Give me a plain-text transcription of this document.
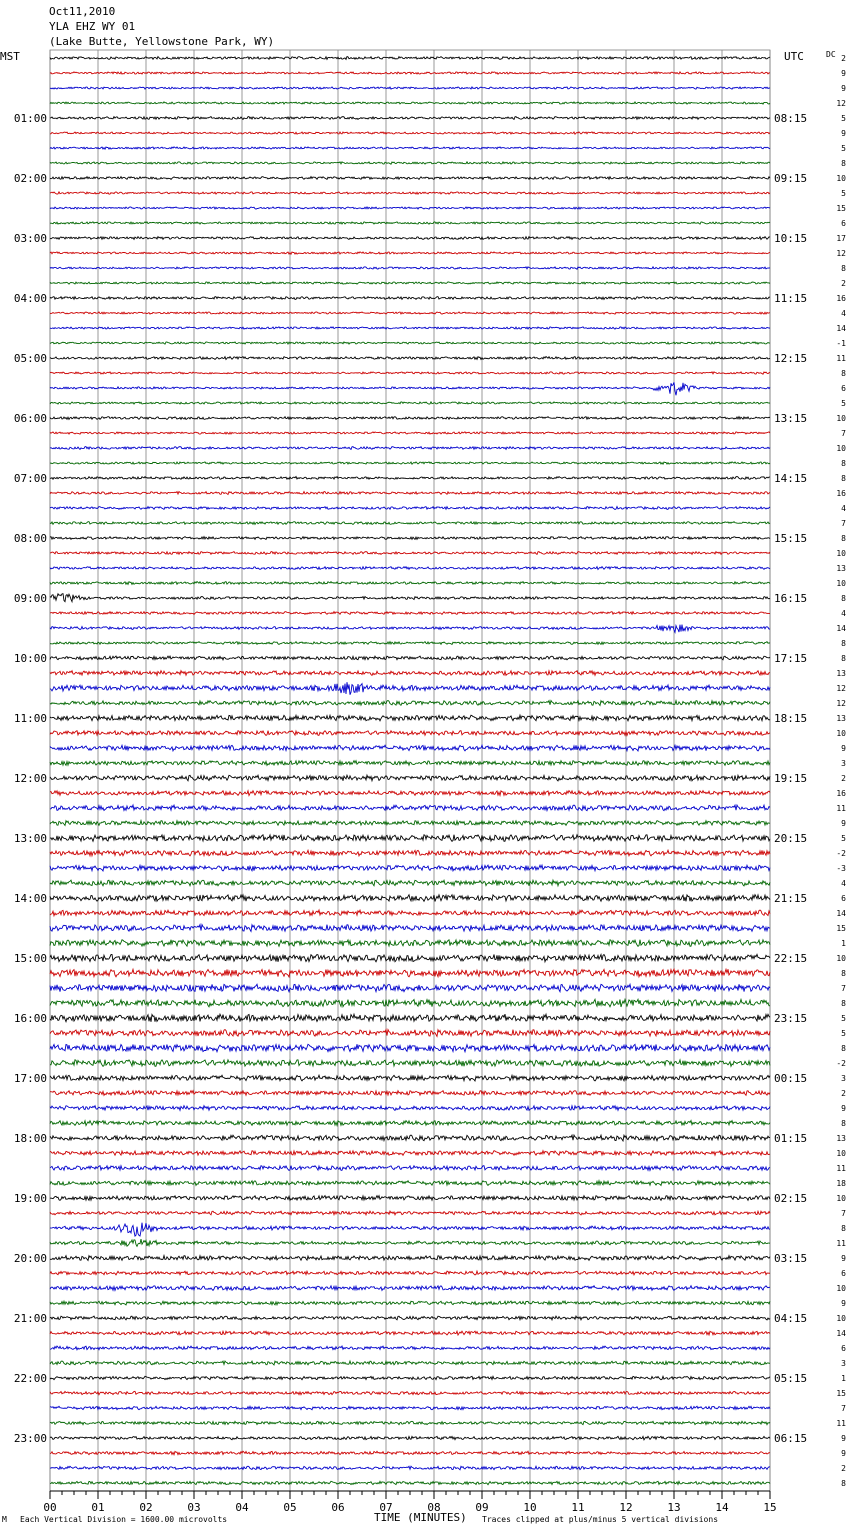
Oct11,2010
YLA EHZ WY 01
(Lake Butte, Yellowstone Park, WY)
MST	UTC	DC 2
9
9
12
5
9
5
8
10
5
15
6
17
12
8
2
16
4
14
-1
11
8
6
5
10
7
10
8
8
16
4
7
8
10
13
10
8
4
14
8
8
13
12
12
13
10
9
3
2
16
11
9
5
-2
-3
4
6
14
15
1
10
8
7
8
5
5
8
-2
3
2
9
8
13
10
11
18
10
7
8
11
9
6
10
9
10
14
6
3
1
15
7
11
9
9
2
8
01:00
02:00
03:00
04:00
05:00
06:00
07:00
08:00
09:00
10:00
11:00
12:00
13:00
14:00
15:00
16:00
17:00
18:00
19:00
20:00
21:00
22:00
23:00
08:15
09:15
10:15
11:15
12:15
13:15
14:15
15:15
16:15
17:15
18:15
19:15
20:15
21:15
22:15
23:15
00:15
01:15
02:15
03:15
04:15
05:15
06:15
00	01	02	03	04	05	06	07	08	09	10	11	12	13	14	15
M Each Vertical Division = 1600.00 microvolts	TIME (MINUTES) Traces clipped at plus/minus 5 vertical divisions
